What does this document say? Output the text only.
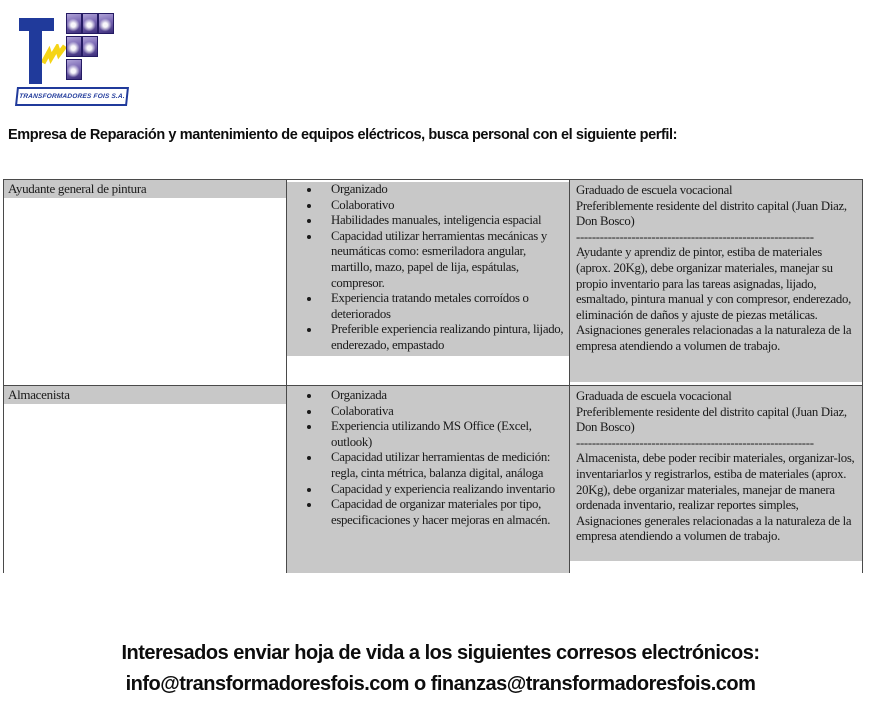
TRANSFORMADORES FOIS S.A.
Empresa de Reparación y mantenimiento de equipos eléctricos, busca personal con el siguiente perfil:
Ayudante general de pintura	• Organizado
• Colaborativo
• Habilidades manuales, inteligencia espacial
• Capacidad utilizar herramientas mecánicas y neumáticas como: esmeriladora angular, martillo, mazo, papel de lija, espátulas, compresor.
• Experiencia tratando metales corroídos o deteriorados
• Preferible experiencia realizando pintura, lijado, enderezado, empastado
Graduado de escuela vocacional
Preferiblemente residente del distrito capital (Juan Diaz, Don Bosco)
------------------------------------------------------------
Ayudante y aprendiz de pintor, estiba de materiales (aprox. 20Kg), debe organizar materiales, manejar su propio inventario para las tareas asignadas, lijado, esmaltado, pintura manual y con compresor, enderezado, eliminación de daños y ajuste de piezas metálicas. Asignaciones generales relacionadas a la naturaleza de la empresa atendiendo a volumen de trabajo.
Almacenista	• Organizada
• Colaborativa
• Experiencia utilizando MS Office (Excel, outlook)
• Capacidad utilizar herramientas de medición: regla, cinta métrica, balanza digital, análoga
• Capacidad y experiencia realizando inventario
• Capacidad de organizar materiales por tipo, especificaciones y hacer mejoras en almacén.
Graduada de escuela vocacional
Preferiblemente residente del distrito capital (Juan Diaz, Don Bosco)
------------------------------------------------------------
Almacenista, debe poder recibir materiales, organizar-los, inventariarlos y registrarlos, estiba de materiales (aprox. 20Kg), debe organizar materiales, manejar de manera ordenada inventario, realizar reportes simples, Asignaciones generales relacionadas a la naturaleza de la empresa atendiendo a volumen de trabajo.
Interesados enviar hoja de vida a los siguientes corresos electrónicos:
info@transformadoresfois.com o finanzas@transformadoresfois.com
